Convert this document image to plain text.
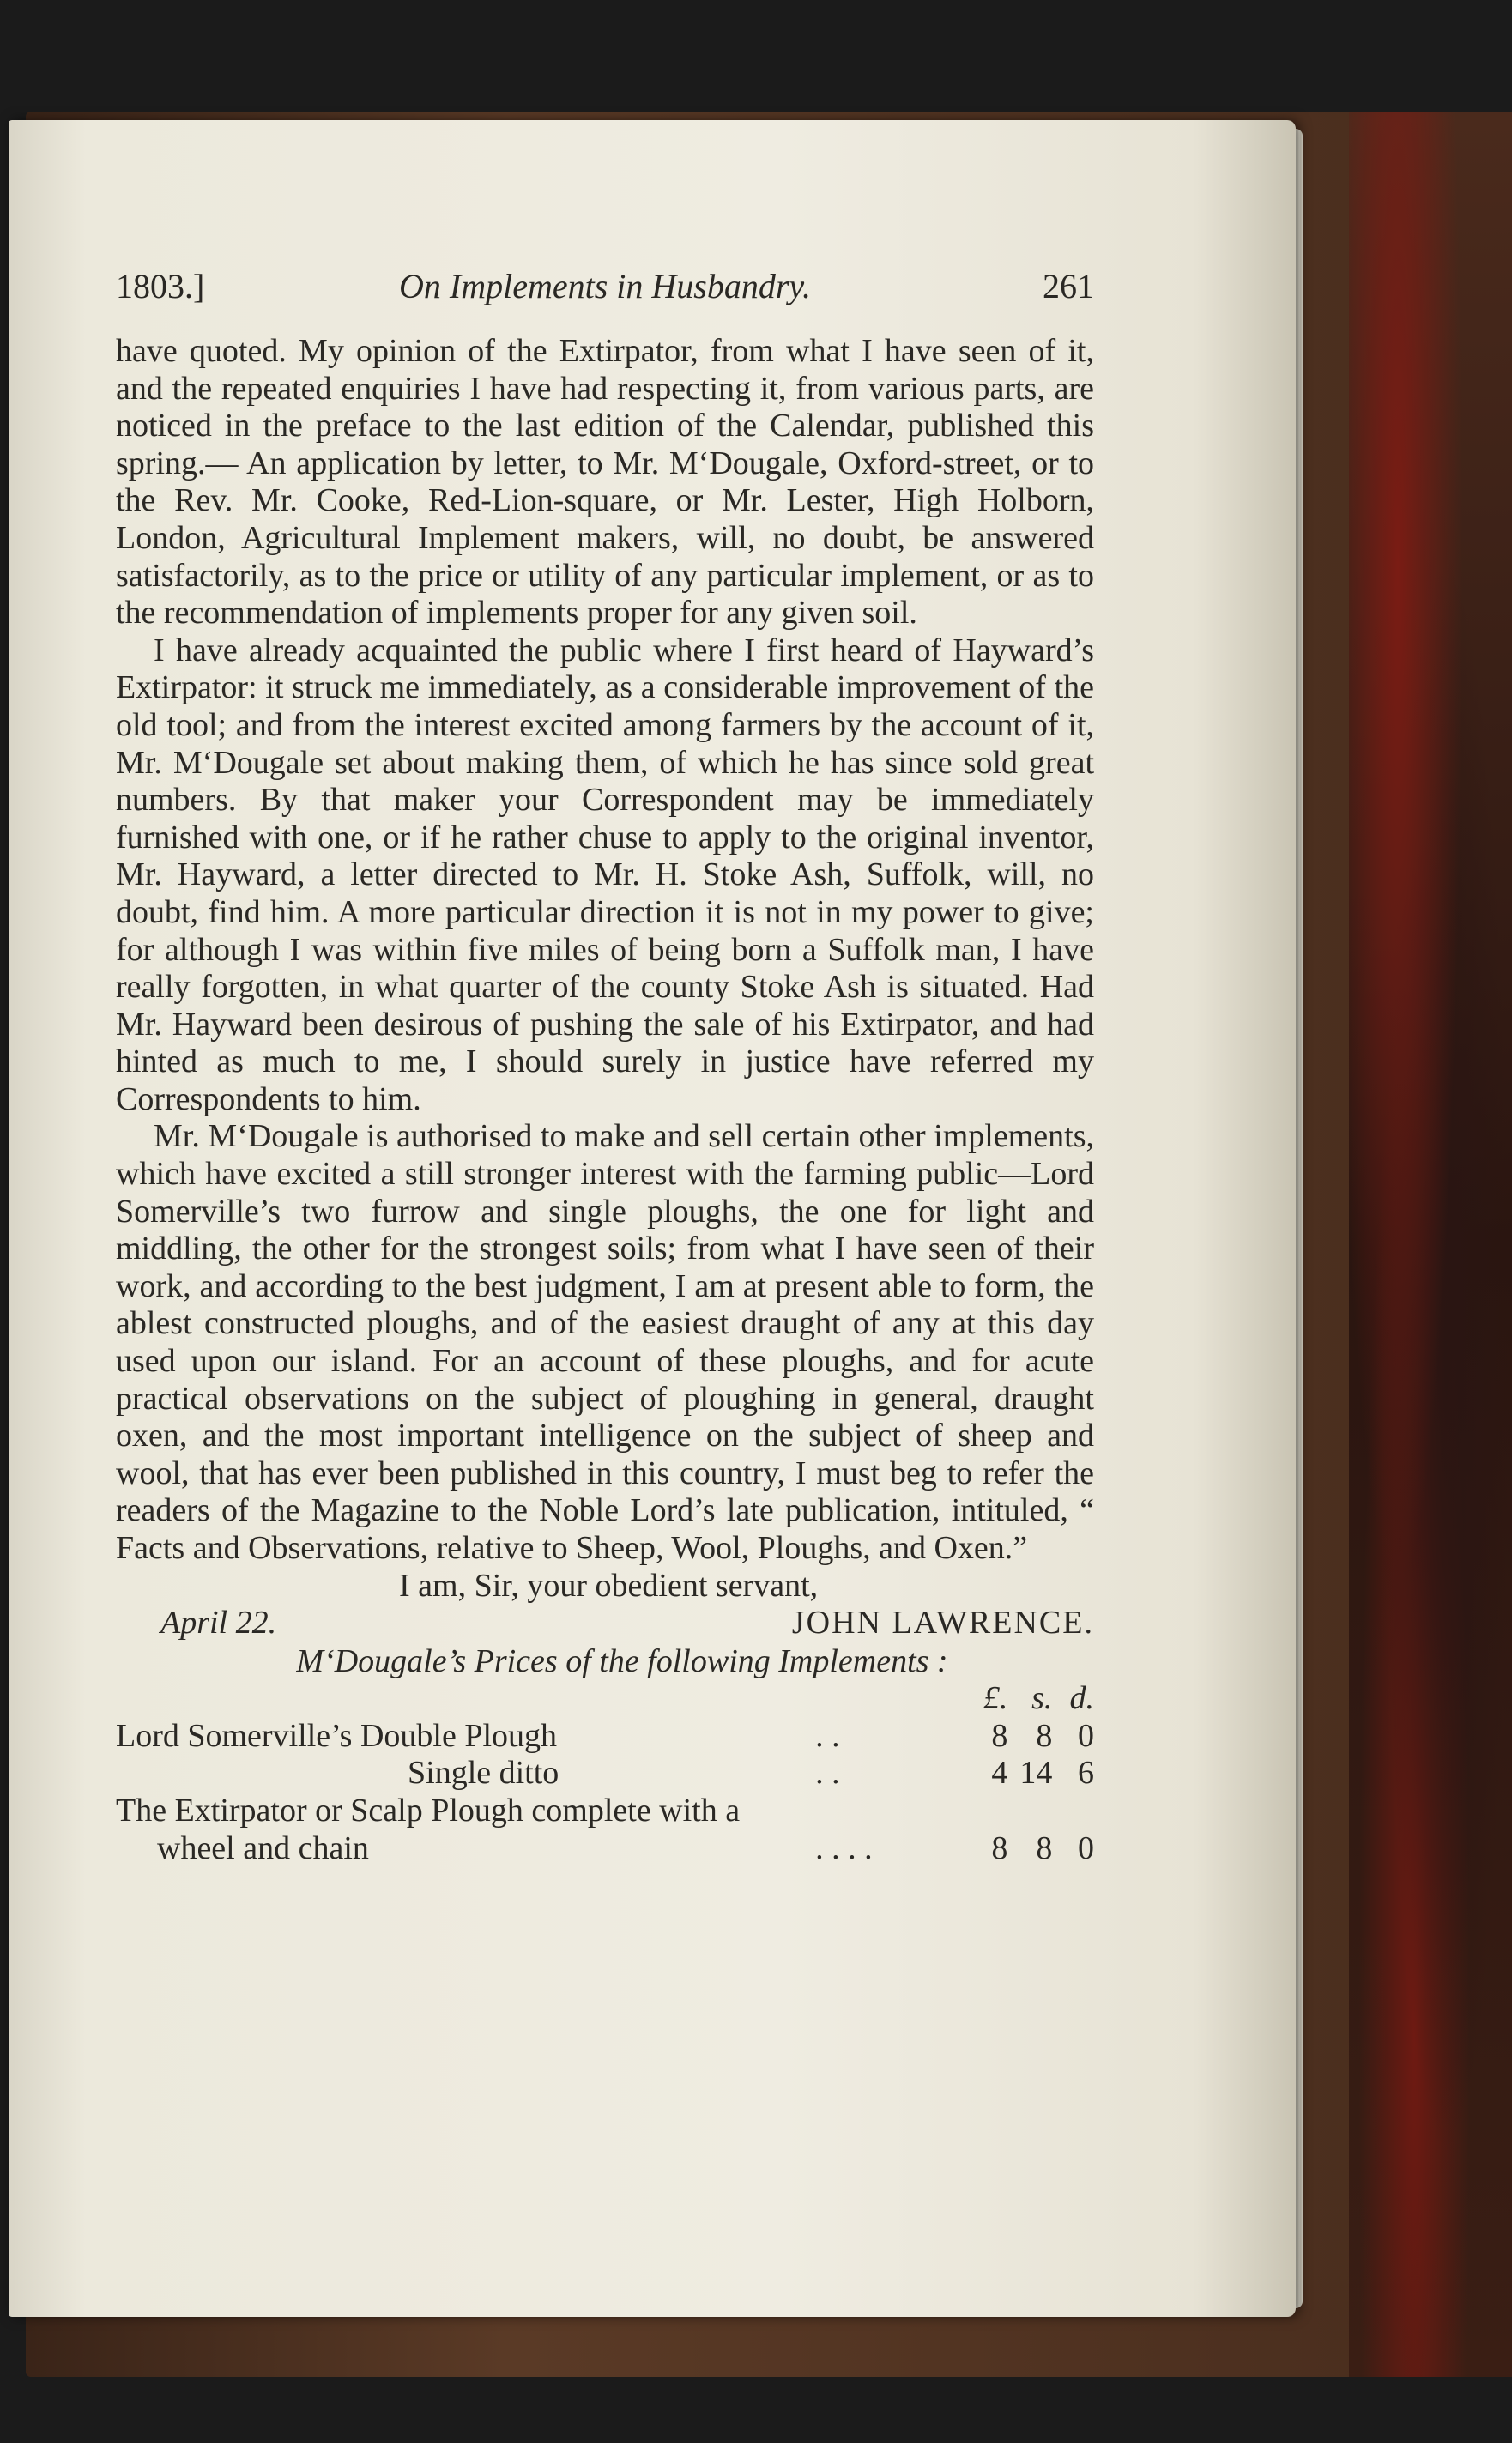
1803.]	On Implements in Husbandry.	261

have quoted. My opinion of the Extirpator, from what I have seen of it, and the repeated enquiries I have had respecting it, from various parts, are noticed in the preface to the last edition of the Calendar, published this spring.— An application by letter, to Mr. M‘Dougale, Oxford-street, or to the Rev. Mr. Cooke, Red-Lion-square, or Mr. Lester, High Holborn, London, Agricultural Implement makers, will, no doubt, be answered satisfactorily, as to the price or utility of any particular implement, or as to the recommendation of implements proper for any given soil.

I have already acquainted the public where I first heard of Hayward’s Extirpator: it struck me immediately, as a considerable improvement of the old tool; and from the interest excited among farmers by the account of it, Mr. M‘Dougale set about making them, of which he has since sold great numbers. By that maker your Correspondent may be immediately furnished with one, or if he rather chuse to apply to the original inventor, Mr. Hayward, a letter directed to Mr. H. Stoke Ash, Suffolk, will, no doubt, find him. A more particular direction it is not in my power to give; for although I was within five miles of being born a Suffolk man, I have really forgotten, in what quarter of the county Stoke Ash is situated. Had Mr. Hayward been desirous of pushing the sale of his Extirpator, and had hinted as much to me, I should surely in justice have referred my Correspondents to him.

Mr. M‘Dougale is authorised to make and sell certain other implements, which have excited a still stronger interest with the farming public—Lord Somerville’s two furrow and single ploughs, the one for light and middling, the other for the strongest soils; from what I have seen of their work, and according to the best judgment, I am at present able to form, the ablest constructed ploughs, and of the easiest draught of any at this day used upon our island. For an account of these ploughs, and for acute practical observations on the subject of ploughing in general, draught oxen, and the most important intelligence on the subject of sheep and wool, that has ever been published in this country, I must beg to refer the readers of the Magazine to the Noble Lord’s late publication, intituled, “ Facts and Observations, relative to Sheep, Wool, Ploughs, and Oxen.”

I am, Sir, your obedient servant,

April 22.	JOHN LAWRENCE.
M‘Dougale’s Prices of the following Implements :
		£.	s.	d.
Lord Somerville’s Double Plough	. .	8	8	0
Single ditto	. .	4	14	6
The Extirpator or Scalp Plough complete with a				
wheel and chain	. . . .	8	8	0
